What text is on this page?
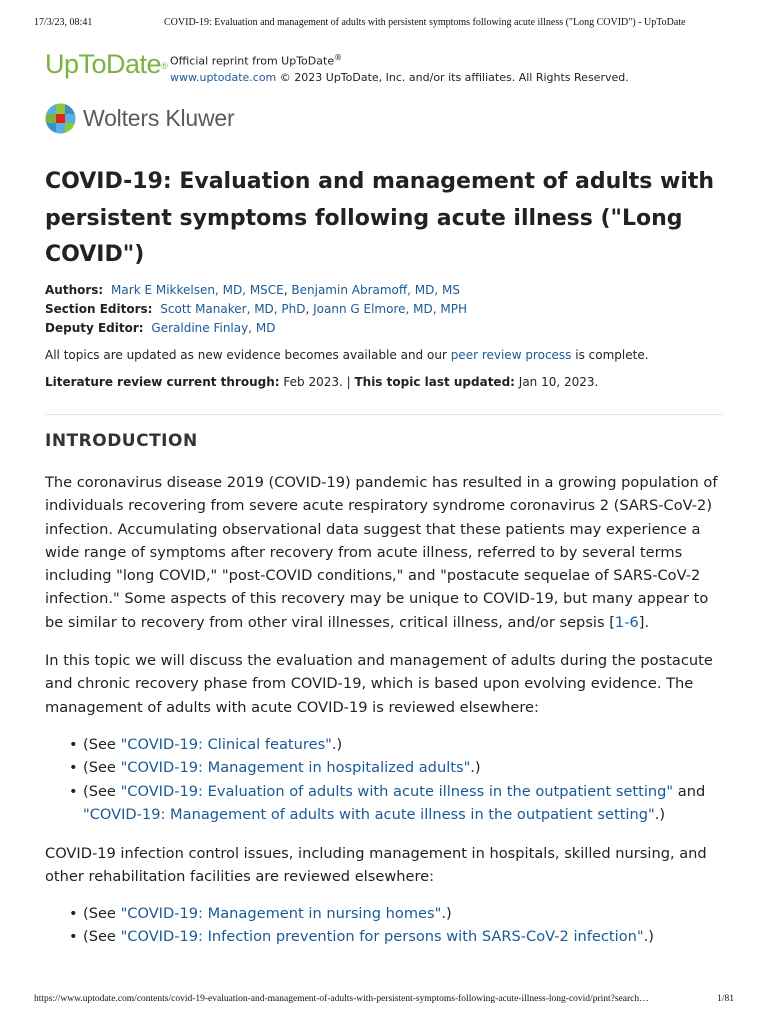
17/3/23, 08:41	COVID-19: Evaluation and management of adults with persistent symptoms following acute illness ("Long COVID") - UpToDate
UpToDate® Official reprint from UpToDate®
www.uptodate.com © 2023 UpToDate, Inc. and/or its affiliates. All Rights Reserved.
Wolters Kluwer
COVID-19: Evaluation and management of adults with persistent symptoms following acute illness ("Long COVID")
Authors: Mark E Mikkelsen, MD, MSCE, Benjamin Abramoff, MD, MS
Section Editors: Scott Manaker, MD, PhD, Joann G Elmore, MD, MPH
Deputy Editor: Geraldine Finlay, MD
All topics are updated as new evidence becomes available and our peer review process is complete.
Literature review current through: Feb 2023. | This topic last updated: Jan 10, 2023.
INTRODUCTION

The coronavirus disease 2019 (COVID-19) pandemic has resulted in a growing population of individuals recovering from severe acute respiratory syndrome coronavirus 2 (SARS-CoV-2) infection. Accumulating observational data suggest that these patients may experience a wide range of symptoms after recovery from acute illness, referred to by several terms including "long COVID," "post-COVID conditions," and "postacute sequelae of SARS-CoV-2 infection." Some aspects of this recovery may be unique to COVID-19, but many appear to be similar to recovery from other viral illnesses, critical illness, and/or sepsis [1-6].

In this topic we will discuss the evaluation and management of adults during the postacute and chronic recovery phase from COVID-19, which is based upon evolving evidence. The management of adults with acute COVID-19 is reviewed elsewhere:

• (See "COVID-19: Clinical features".)
• (See "COVID-19: Management in hospitalized adults".)
• (See "COVID-19: Evaluation of adults with acute illness in the outpatient setting" and "COVID-19: Management of adults with acute illness in the outpatient setting".)

COVID-19 infection control issues, including management in hospitals, skilled nursing, and other rehabilitation facilities are reviewed elsewhere:

• (See "COVID-19: Management in nursing homes".)
• (See "COVID-19: Infection prevention for persons with SARS-CoV-2 infection".)
https://www.uptodate.com/contents/covid-19-evaluation-and-management-of-adults-with-persistent-symptoms-following-acute-illness-long-covid/print?search…	1/81
